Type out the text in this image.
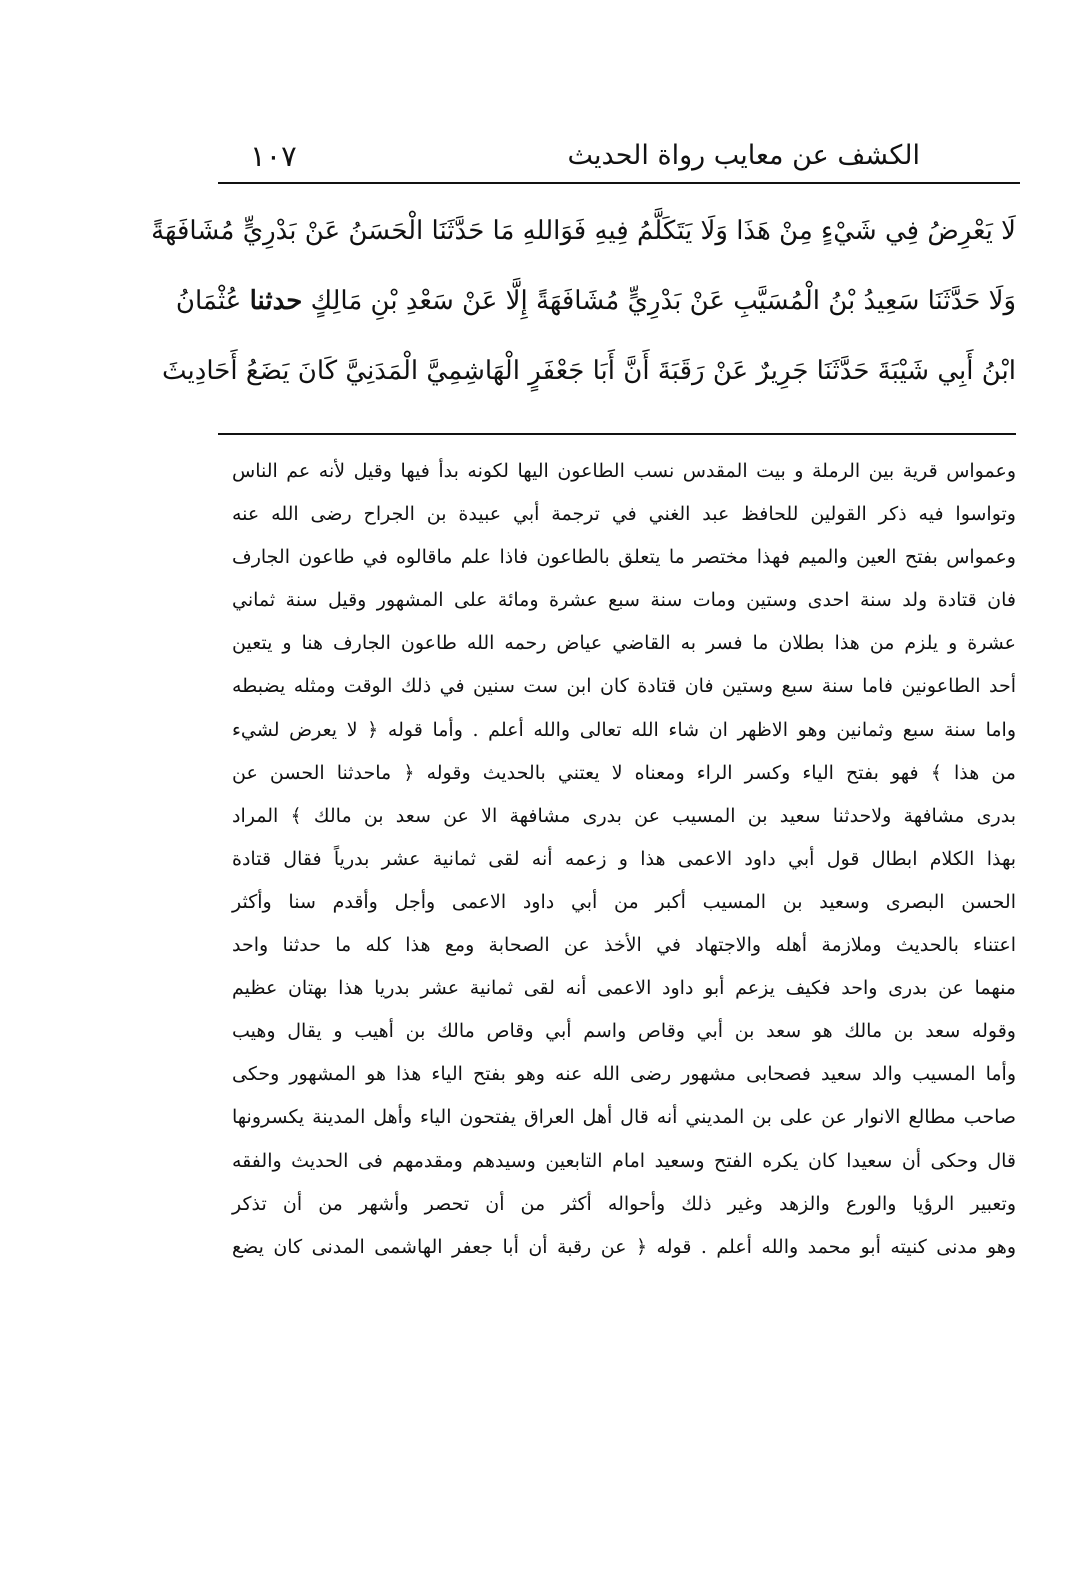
الكشف عن معايب رواة الحديث
١٠٧
لَا يَعْرِضُ فِي شَيْءٍ مِنْ هَذَا وَلَا يَتَكَلَّمُ فِيهِ فَوَاللهِ مَا حَدَّثَنَا الْحَسَنُ عَنْ بَدْرِيٍّ مُشَافَهَةً
وَلَا حَدَّثَنَا سَعِيدُ بْنُ الْمُسَيَّبِ عَنْ بَدْرِيٍّ مُشَافَهَةً إِلَّا عَنْ سَعْدِ بْنِ مَالِكٍ حدثنا عُثْمَانُ
ابْنُ أَبِي شَيْبَةَ حَدَّثَنَا جَرِيرٌ عَنْ رَقَبَةَ أَنَّ أَبَا جَعْفَرٍ الْهَاشِمِيَّ الْمَدَنِيَّ كَانَ يَضَعُ أَحَادِيثَ
وعمواس قرية بين الرملة و بيت المقدس نسب الطاعون اليها لكونه بدأ فيها وقيل لأنه عم الناس
وتواسوا فيه ذكر القولين للحافظ عبد الغني في ترجمة أبي عبيدة بن الجراح رضى الله عنه
وعمواس بفتح العين والميم فهذا مختصر ما يتعلق بالطاعون فاذا علم ماقالوه في طاعون الجارف
فان قتادة ولد سنة احدى وستين ومات سنة سبع عشرة ومائة على المشهور وقيل سنة ثماني
عشرة و يلزم من هذا بطلان ما فسر به القاضي عياض رحمه الله طاعون الجارف هنا و يتعين
أحد الطاعونين فاما سنة سبع وستين فان قتادة كان ابن ست سنين في ذلك الوقت ومثله يضبطه
واما سنة سبع وثمانين وهو الاظهر ان شاء الله تعالى والله أعلم . وأما قوله ﴿ لا يعرض لشيء
من هذا ﴾ فهو بفتح الياء وكسر الراء ومعناه لا يعتني بالحديث وقوله ﴿ ماحدثنا الحسن عن
بدرى مشافهة ولاحدثنا سعيد بن المسيب عن بدرى مشافهة الا عن سعد بن مالك ﴾ المراد
بهذا الكلام ابطال قول أبي داود الاعمى هذا و زعمه أنه لقى ثمانية عشر بدرياً فقال قتادة
الحسن البصرى وسعيد بن المسيب أكبر من أبي داود الاعمى وأجل وأقدم سنا وأكثر
اعتناء بالحديث وملازمة أهله والاجتهاد في الأخذ عن الصحابة ومع هذا كله ما حدثنا واحد
منهما عن بدرى واحد فكيف يزعم أبو داود الاعمى أنه لقى ثمانية عشر بدريا هذا بهتان عظيم
وقوله سعد بن مالك هو سعد بن أبي وقاص واسم أبي وقاص مالك بن أهيب و يقال وهيب
وأما المسيب والد سعيد فصحابى مشهور رضى الله عنه وهو بفتح الياء هذا هو المشهور وحكى
صاحب مطالع الانوار عن على بن المديني أنه قال أهل العراق يفتحون الياء وأهل المدينة يكسرونها
قال وحكى أن سعيدا كان يكره الفتح وسعيد امام التابعين وسيدهم ومقدمهم فى الحديث والفقه
وتعبير الرؤيا والورع والزهد وغير ذلك وأحواله أكثر من أن تحصر وأشهر من أن تذكر
وهو مدنى كنيته أبو محمد والله أعلم . قوله ﴿ عن رقبة أن أبا جعفر الهاشمى المدنى كان يضع
